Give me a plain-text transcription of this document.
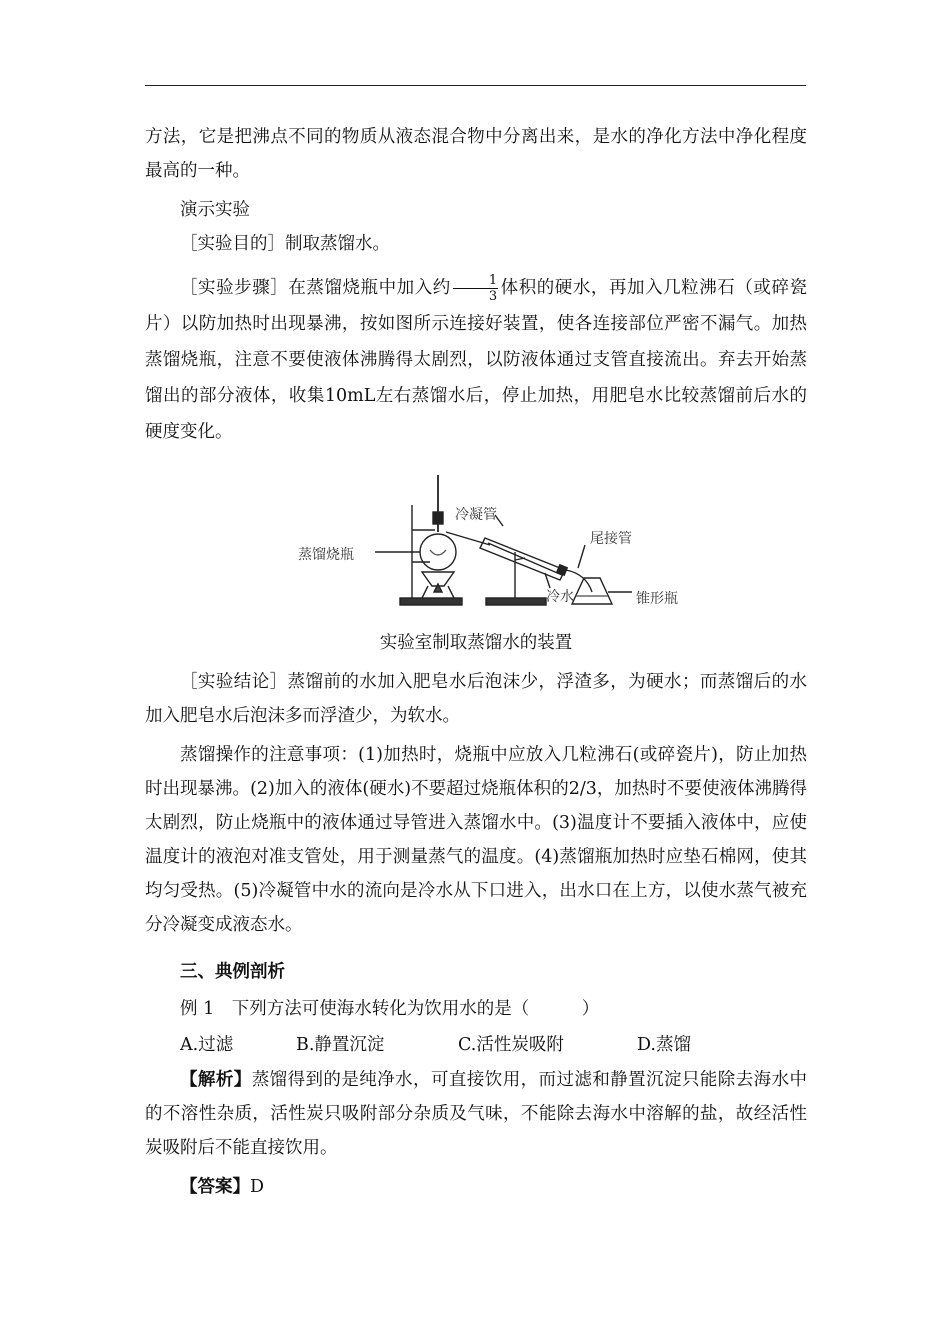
方法，它是把沸点不同的物质从液态混合物中分离出来，是水的净化方法中净化程度最高的一种。

演示实验
［实验目的］制取蒸馏水。

［实验步骤］在蒸馏烧瓶中加入约 $\frac{1}{3}$ 体积的硬水，再加入几粒沸石（或碎瓷片）以防加热时出现暴沸，按如图所示连接好装置，使各连接部位严密不漏气。加热蒸馏烧瓶，注意不要使液体沸腾得太剧烈，以防液体通过支管直接流出。弃去开始蒸馏出的部分液体，收集10mL左右蒸馏水后，停止加热，用肥皂水比较蒸馏前后水的硬度变化。

冷凝管
蒸馏烧瓶
尾接管
冷水	锥形瓶
实验室制取蒸馏水的装置

［实验结论］蒸馏前的水加入肥皂水后泡沫少，浮渣多，为硬水；而蒸馏后的水加入肥皂水后泡沫多而浮渣少，为软水。

蒸馏操作的注意事项：(1)加热时，烧瓶中应放入几粒沸石(或碎瓷片)，防止加热时出现暴沸。(2)加入的液体(硬水)不要超过烧瓶体积的2/3，加热时不要使液体沸腾得太剧烈，防止烧瓶中的液体通过导管进入蒸馏水中。(3)温度计不要插入液体中，应使温度计的液泡对准支管处，用于测量蒸气的温度。(4)蒸馏瓶加热时应垫石棉网，使其均匀受热。(5)冷凝管中水的流向是冷水从下口进入，出水口在上方，以使水蒸气被充分冷凝变成液态水。

三、典例剖析
例 1　下列方法可使海水转化为饮用水的是（　　　）
A.过滤	B.静置沉淀	C.活性炭吸附	D.蒸馏

【解析】蒸馏得到的是纯净水，可直接饮用，而过滤和静置沉淀只能除去海水中的不溶性杂质，活性炭只吸附部分杂质及气味，不能除去海水中溶解的盐，故经活性炭吸附后不能直接饮用。

【答案】D
